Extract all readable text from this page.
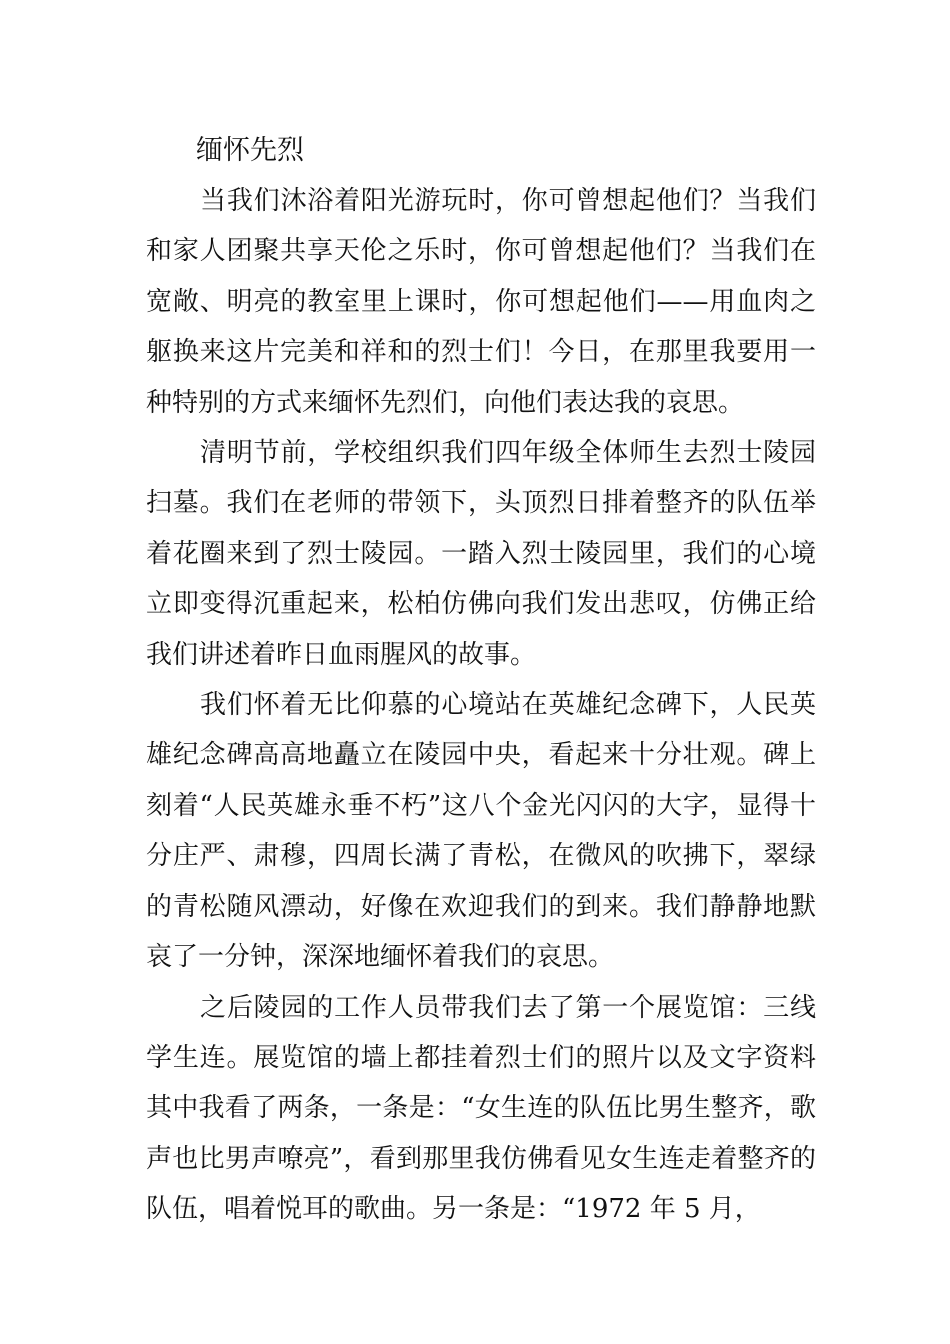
缅怀先烈

当我们沐浴着阳光游玩时，你可曾想起他们？当我们和家人团聚共享天伦之乐时，你可曾想起他们？当我们在宽敞、明亮的教室里上课时，你可想起他们——用血肉之躯换来这片完美和祥和的烈士们！今日，在那里我要用一种特别的方式来缅怀先烈们，向他们表达我的哀思。

清明节前，学校组织我们四年级全体师生去烈士陵园扫墓。我们在老师的带领下，头顶烈日排着整齐的队伍举着花圈来到了烈士陵园。一踏入烈士陵园里，我们的心境立即变得沉重起来，松柏仿佛向我们发出悲叹，仿佛正给我们讲述着昨日血雨腥风的故事。

我们怀着无比仰慕的心境站在英雄纪念碑下，人民英雄纪念碑高高地矗立在陵园中央，看起来十分壮观。碑上刻着“人民英雄永垂不朽”这八个金光闪闪的大字，显得十分庄严、肃穆，四周长满了青松，在微风的吹拂下，翠绿的青松随风漂动，好像在欢迎我们的到来。我们静静地默哀了一分钟，深深地缅怀着我们的哀思。

之后陵园的工作人员带我们去了第一个展览馆：三线学生连。展览馆的墙上都挂着烈士们的照片以及文字资料其中我看了两条，一条是：“女生连的队伍比男生整齐，歌声也比男声嘹亮”，看到那里我仿佛看见女生连走着整齐的队伍，唱着悦耳的歌曲。另一条是：“1972 年 5 月，
